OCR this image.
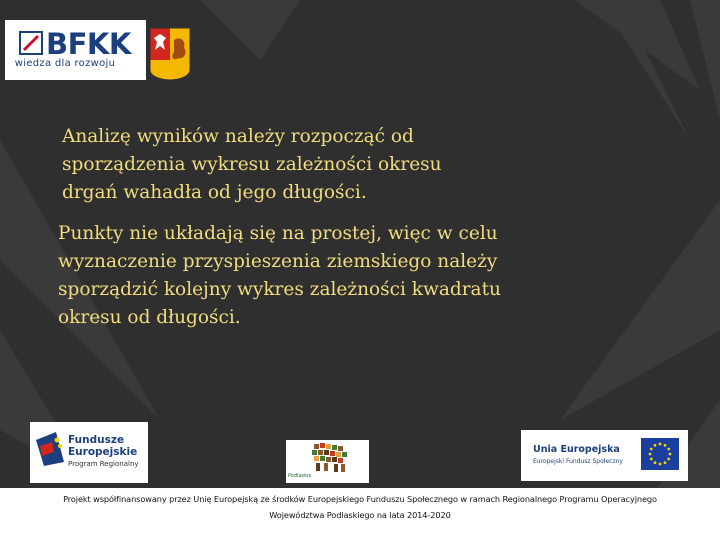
BFKK
wiedza dla rozwoju

Analizę wyników należy rozpocząć od sporządzenia wykresu zależności okresu drgań wahadła od jego długości.

Punkty nie układają się na prostej, więc w celu wyznaczenie przyspieszenia ziemskiego należy sporządzić kolejny wykres zależności kwadratu okresu od długości.

Fundusze
Europejskie
Program Regionalny
Podlaskie
Unia Europejska
Europejski Fundusz Społeczny
Projekt współfinansowany przez Unię Europejską ze środków Europejskiego Funduszu Społecznego w ramach Regionalnego Programu Operacyjnego
Województwa Podlaskiego na lata 2014-2020
